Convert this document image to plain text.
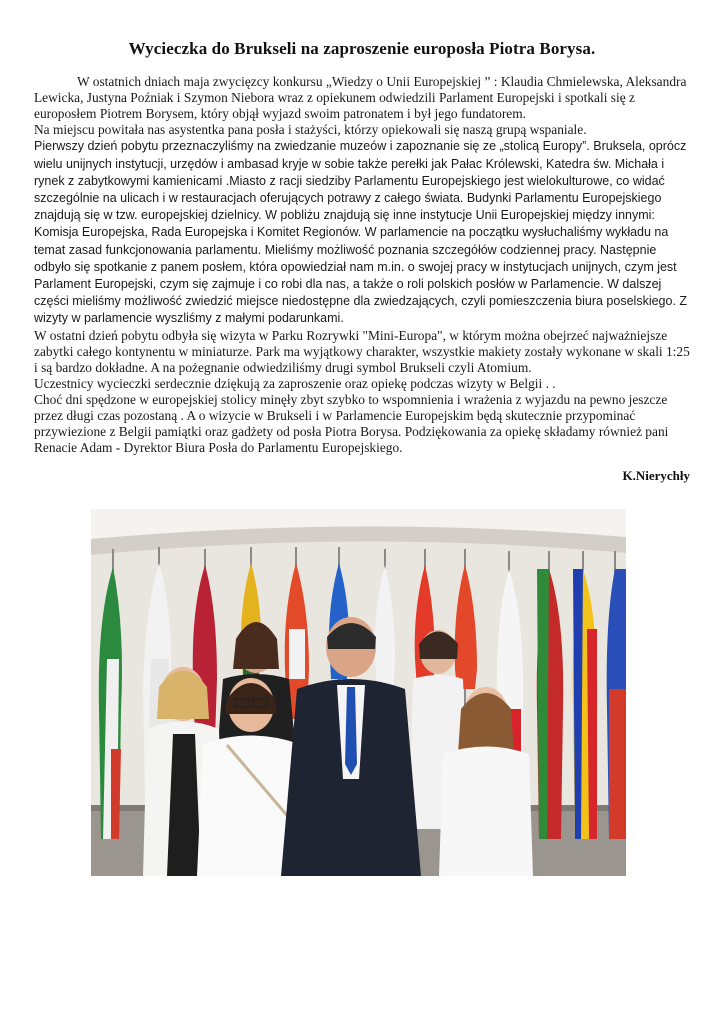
Wycieczka do Brukseli na zaproszenie europosła Piotra Borysa.

W ostatnich dniach maja zwycięzcy konkursu „Wiedzy o Unii Europejskiej ” : Klaudia Chmielewska, Aleksandra Lewicka, Justyna Poźniak i Szymon Niebora wraz z opiekunem odwiedzili Parlament Europejski i spotkali się z europosłem Piotrem Borysem, który objął wyjazd swoim patronatem i był jego fundatorem.

Na miejscu powitała nas asystentka pana posła i stażyści, którzy opiekowali się naszą grupą wspaniale.

Pierwszy dzień pobytu przeznaczyliśmy na zwiedzanie muzeów i zapoznanie się ze „stolicą Europy”. Bruksela, oprócz wielu unijnych instytucji, urzędów i ambasad kryje w sobie także perełki jak Pałac Królewski, Katedra św. Michała i rynek z zabytkowymi kamienicami .Miasto z racji siedziby Parlamentu Europejskiego jest wielokulturowe, co widać szczególnie na ulicach i w restauracjach oferujących potrawy z całego świata. Budynki Parlamentu Europejskiego znajdują się w tzw. europejskiej dzielnicy. W pobliżu znajdują się inne instytucje Unii Europejskiej między innymi: Komisja Europejska, Rada Europejska i Komitet Regionów. W parlamencie na początku wysłuchaliśmy wykładu na temat zasad funkcjonowania parlamentu. Mieliśmy możliwość poznania szczegółów codziennej pracy. Następnie odbyło się spotkanie z panem posłem, która opowiedział nam m.in. o swojej pracy w instytucjach unijnych, czym jest Parlament Europejski, czym się zajmuje i co robi dla nas, a także o roli polskich posłów w Parlamencie. W dalszej części mieliśmy możliwość zwiedzić miejsce niedostępne dla zwiedzających, czyli pomieszczenia biura poselskiego. Z wizyty w parlamencie wyszliśmy z małymi podarunkami.

W ostatni dzień pobytu odbyła się wizyta w Parku Rozrywki "Mini-Europa", w którym można obejrzeć najważniejsze zabytki całego kontynentu w miniaturze. Park ma wyjątkowy charakter, wszystkie makiety zostały wykonane w skali 1:25 i są bardzo dokładne. A na pożegnanie odwiedziliśmy drugi symbol Brukseli czyli Atomium.

Uczestnicy wycieczki serdecznie dziękują za zaproszenie oraz opiekę podczas wizyty w Belgii . .

Choć dni spędzone w europejskiej stolicy minęły zbyt szybko to wspomnienia i wrażenia z wyjazdu na pewno jeszcze przez długi czas pozostaną . A o wizycie w Brukseli i w Parlamencie Europejskim będą skutecznie przypominać przywiezione z Belgii pamiątki oraz gadżety od posła Piotra Borysa. Podziękowania za opiekę składamy również pani Renacie Adam - Dyrektor Biura Posła do Parlamentu Europejskiego.

K.Nierychły
